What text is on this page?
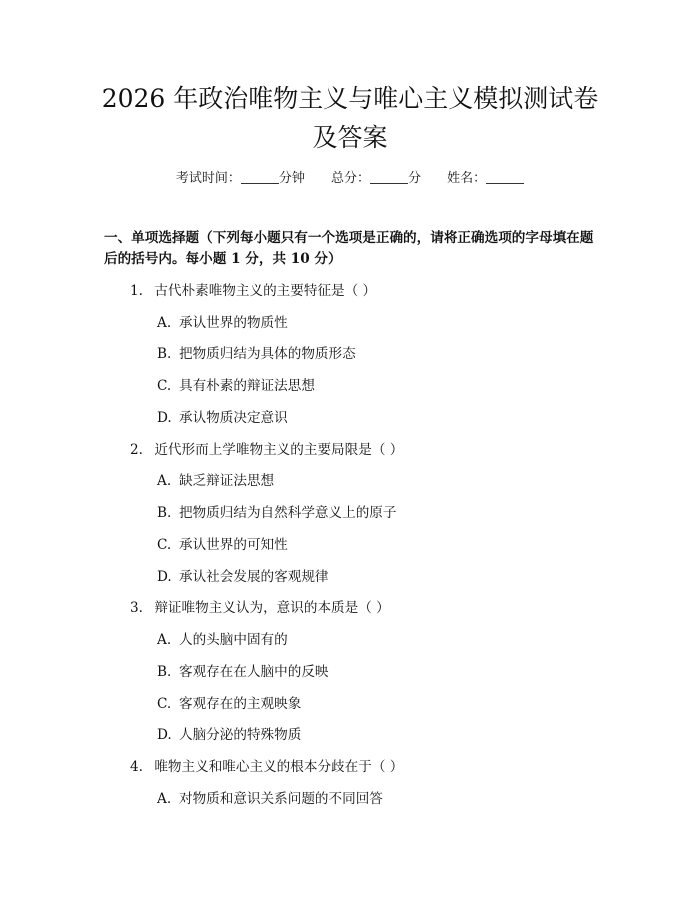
2026 年政治唯物主义与唯心主义模拟测试卷
及答案
考试时间：	分钟 总分：	分 姓名：

一、单项选择题（下列每小题只有一个选项是正确的，请将正确选项的字母填在题后的括号内。每小题 1 分，共 10 分）

1. 古代朴素唯物主义的主要特征是（ ）
A. 承认世界的物质性
B. 把物质归结为具体的物质形态
C. 具有朴素的辩证法思想
D. 承认物质决定意识
2. 近代形而上学唯物主义的主要局限是（ ）
A. 缺乏辩证法思想
B. 把物质归结为自然科学意义上的原子
C. 承认世界的可知性
D. 承认社会发展的客观规律
3. 辩证唯物主义认为，意识的本质是（ ）
A. 人的头脑中固有的
B. 客观存在在人脑中的反映
C. 客观存在的主观映象
D. 人脑分泌的特殊物质
4. 唯物主义和唯心主义的根本分歧在于（ ）
A. 对物质和意识关系问题的不同回答
